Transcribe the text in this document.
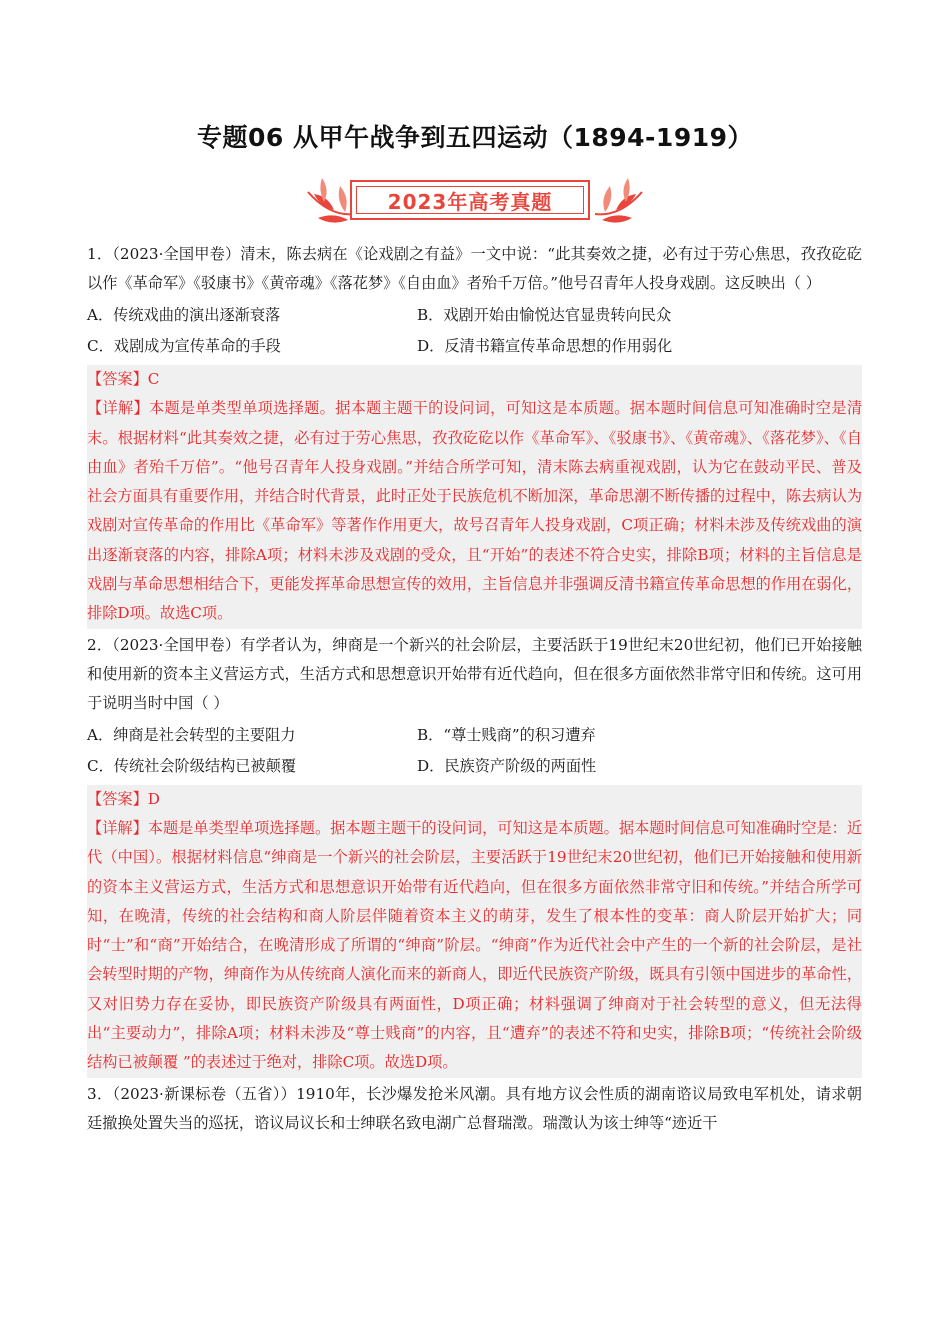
专题06 从甲午战争到五四运动（1894-1919）
2023年高考真题

1．（2023·全国甲卷）清末，陈去病在《论戏剧之有益》一文中说：“此其奏效之捷，必有过于劳心焦思，孜孜矻矻以作《革命军》《驳康书》《黄帝魂》《落花梦》《自由血》者殆千万倍。”他号召青年人投身戏剧。这反映出（ ）

A．传统戏曲的演出逐渐衰落	B．戏剧开始由愉悦达官显贵转向民众
C．戏剧成为宣传革命的手段	D．反清书籍宣传革命思想的作用弱化

【答案】C

【详解】本题是单类型单项选择题。据本题主题干的设问词，可知这是本质题。据本题时间信息可知准确时空是清末。根据材料“此其奏效之捷，必有过于劳心焦思，孜孜矻矻以作《革命军》、《驳康书》、《黄帝魂》、《落花梦》、《自由血》者殆千万倍”。“他号召青年人投身戏剧。”并结合所学可知，清末陈去病重视戏剧，认为它在鼓动平民、普及社会方面具有重要作用，并结合时代背景，此时正处于民族危机不断加深，革命思潮不断传播的过程中，陈去病认为戏剧对宣传革命的作用比《革命军》等著作作用更大，故号召青年人投身戏剧，C项正确；材料未涉及传统戏曲的演出逐渐衰落的内容，排除A项；材料未涉及戏剧的受众，且“开始”的表述不符合史实，排除B项；材料的主旨信息是戏剧与革命思想相结合下，更能发挥革命思想宣传的效用，主旨信息并非强调反清书籍宣传革命思想的作用在弱化，排除D项。故选C项。

2．（2023·全国甲卷）有学者认为，绅商是一个新兴的社会阶层，主要活跃于19世纪末20世纪初，他们已开始接触和使用新的资本主义营运方式，生活方式和思想意识开始带有近代趋向，但在很多方面依然非常守旧和传统。这可用于说明当时中国（ ）

A．绅商是社会转型的主要阻力	B．“尊士贱商”的积习遭弃
C．传统社会阶级结构已被颠覆	D．民族资产阶级的两面性

【答案】D

【详解】本题是单类型单项选择题。据本题主题干的设问词，可知这是本质题。据本题时间信息可知准确时空是：近代（中国）。根据材料信息“绅商是一个新兴的社会阶层，主要活跃于19世纪末20世纪初，他们已开始接触和使用新的资本主义营运方式，生活方式和思想意识开始带有近代趋向，但在很多方面依然非常守旧和传统。”并结合所学可知，在晚清，传统的社会结构和商人阶层伴随着资本主义的萌芽，发生了根本性的变革：商人阶层开始扩大；同时“士”和“商”开始结合，在晚清形成了所谓的“绅商”阶层。“绅商”作为近代社会中产生的一个新的社会阶层，是社会转型时期的产物，绅商作为从传统商人演化而来的新商人，即近代民族资产阶级，既具有引领中国进步的革命性，又对旧势力存在妥协，即民族资产阶级具有两面性，D项正确；材料强调了绅商对于社会转型的意义，但无法得出“主要动力”，排除A项；材料未涉及“尊士贱商”的内容，且“遭弃”的表述不符和史实，排除B项；“传统社会阶级结构已被颠覆 ”的表述过于绝对，排除C项。故选D项。

3．（2023·新课标卷（五省））1910年，长沙爆发抢米风潮。具有地方议会性质的湖南谘议局致电军机处，请求朝廷撤换处置失当的巡抚，谘议局议长和士绅联名致电湖广总督瑞澂。瑞澂认为该士绅等“迹近干
